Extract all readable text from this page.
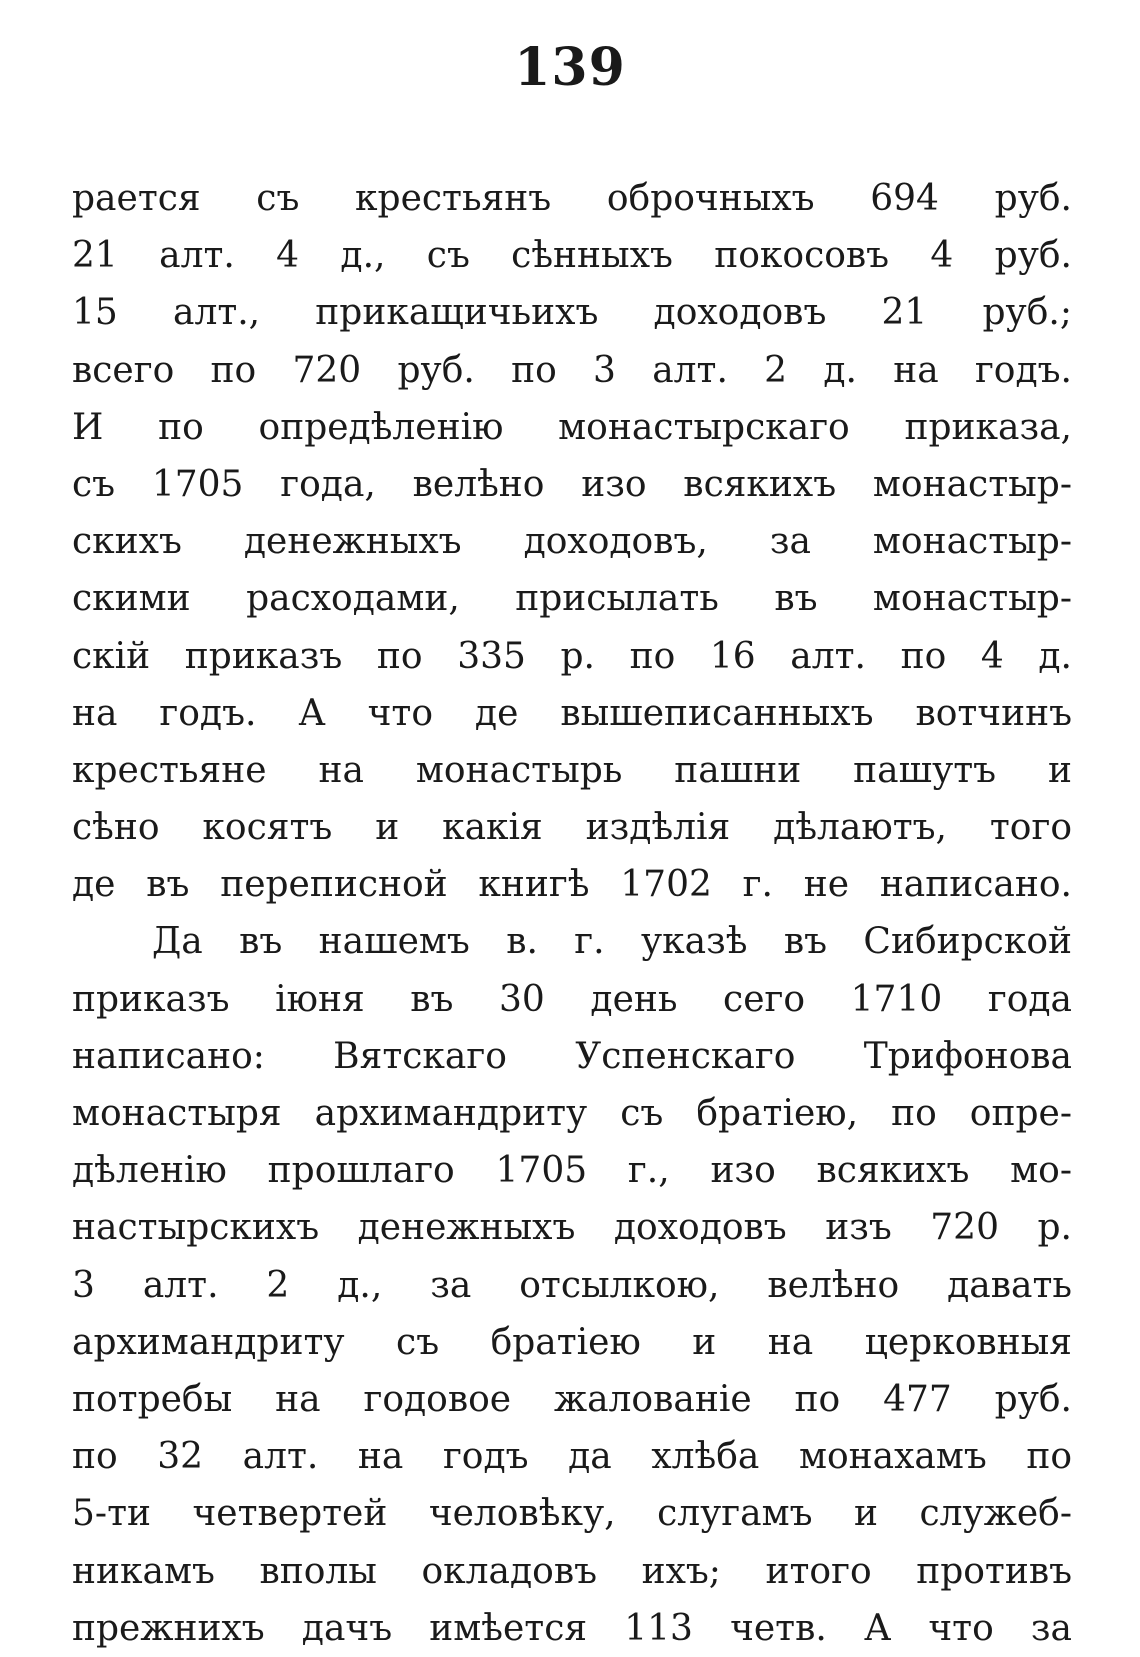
139
рается съ крестьянъ оброчныхъ 694 руб.
21 алт. 4 д., съ сѣнныхъ покосовъ 4 руб.
15 алт., прикащичьихъ доходовъ 21 руб.;
всего по 720 руб. по 3 алт. 2 д. на годъ.
И по опредѣленію монастырскаго приказа,
съ 1705 года, велѣно изо всякихъ монастыр-
скихъ денежныхъ доходовъ, за монастыр-
скими расходами, присылать въ монастыр-
скій приказъ по 335 р. по 16 алт. по 4 д.
на годъ. А что де вышеписанныхъ вотчинъ
крестьяне на монастырь пашни пашутъ и
сѣно косятъ и какія издѣлія дѣлаютъ, того
де въ переписной книгѣ 1702 г. не написано.
Да въ нашемъ в. г. указѣ въ Сибирской
приказъ іюня въ 30 день сего 1710 года
написано: Вятскаго Успенскаго Трифонова
монастыря архимандриту съ братіею, по опре-
дѣленію прошлаго 1705 г., изо всякихъ мо-
настырскихъ денежныхъ доходовъ изъ 720 р.
3 алт. 2 д., за отсылкою, велѣно давать
архимандриту съ братіею и на церковныя
потребы на годовое жалованіе по 477 руб.
по 32 алт. на годъ да хлѣба монахамъ по
5-ти четвертей человѣку, слугамъ и служеб-
никамъ вполы окладовъ ихъ; итого противъ
прежнихъ дачъ имѣется 113 четв. А что за
